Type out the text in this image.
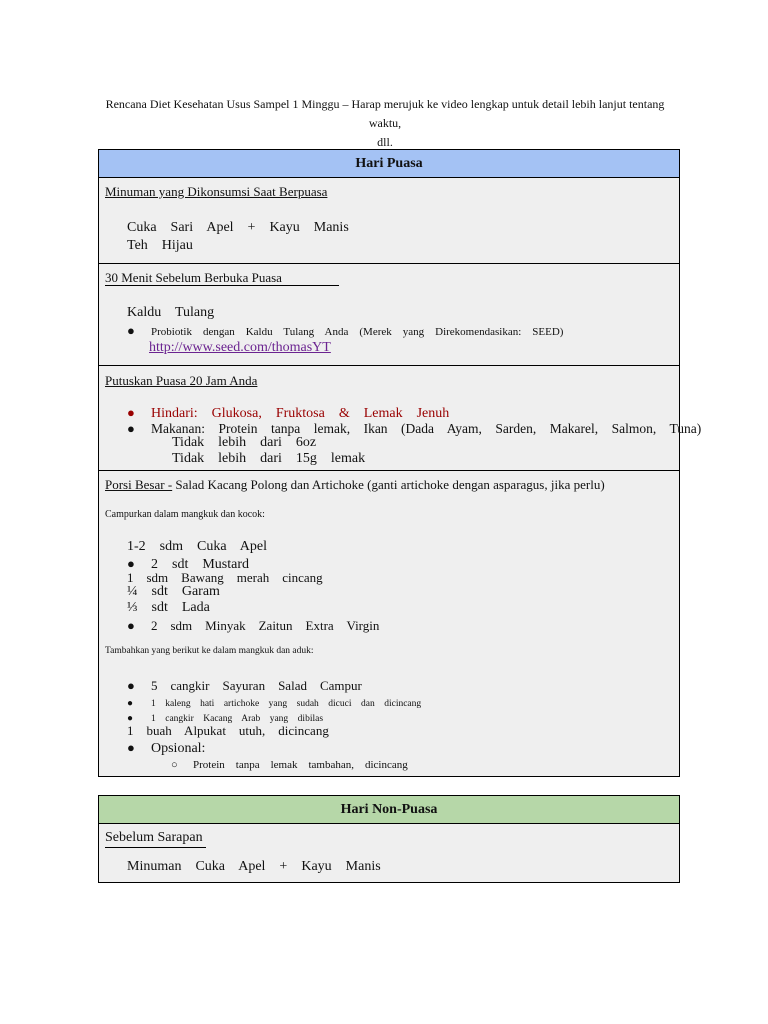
Rencana Diet Kesehatan Usus Sampel 1 Minggu – Harap merujuk ke video lengkap untuk detail lebih lanjut tentang waktu,
dll.
Hari Puasa

Minuman yang Dikonsumsi Saat Berpuasa
Cuka    Sari    Apel    +    Kayu    Manis
Teh    Hijau

30 Menit Sebelum Berbuka Puasa
Kaldu    Tulang
● Probiotik    dengan    Kaldu    Tulang    Anda    (Merek    yang    Direkomendasikan:    SEED)
http://www.seed.com/thomasYT

Putuskan Puasa 20 Jam Anda
● Hindari:    Glukosa,    Fruktosa    &    Lemak    Jenuh
● Makanan:    Protein    tanpa    lemak,    Ikan    (Dada    Ayam,    Sarden,    Makarel,    Salmon,    Tuna)
Tidak    lebih    dari    6oz
Tidak    lebih    dari    15g    lemak

Porsi Besar - Salad Kacang Polong dan Artichoke (ganti artichoke dengan asparagus, jika perlu)
Campurkan dalam mangkuk dan kocok:
1-2    sdm    Cuka    Apel
● 2    sdt    Mustard
1    sdm    Bawang    merah    cincang
¼    sdt    Garam
⅓    sdt    Lada
● 2    sdm    Minyak    Zaitun    Extra    Virgin
Tambahkan yang berikut ke dalam mangkuk dan aduk:
● 5    cangkir    Sayuran    Salad    Campur
● 1    kaleng    hati    artichoke    yang    sudah    dicuci    dan    dicincang
● 1    cangkir    Kacang    Arab    yang    dibilas
1    buah    Alpukat    utuh,    dicincang
● Opsional:
○ Protein    tanpa    lemak    tambahan,    dicincang
Hari Non-Puasa

Sebelum Sarapan
Minuman    Cuka    Apel    +    Kayu    Manis
